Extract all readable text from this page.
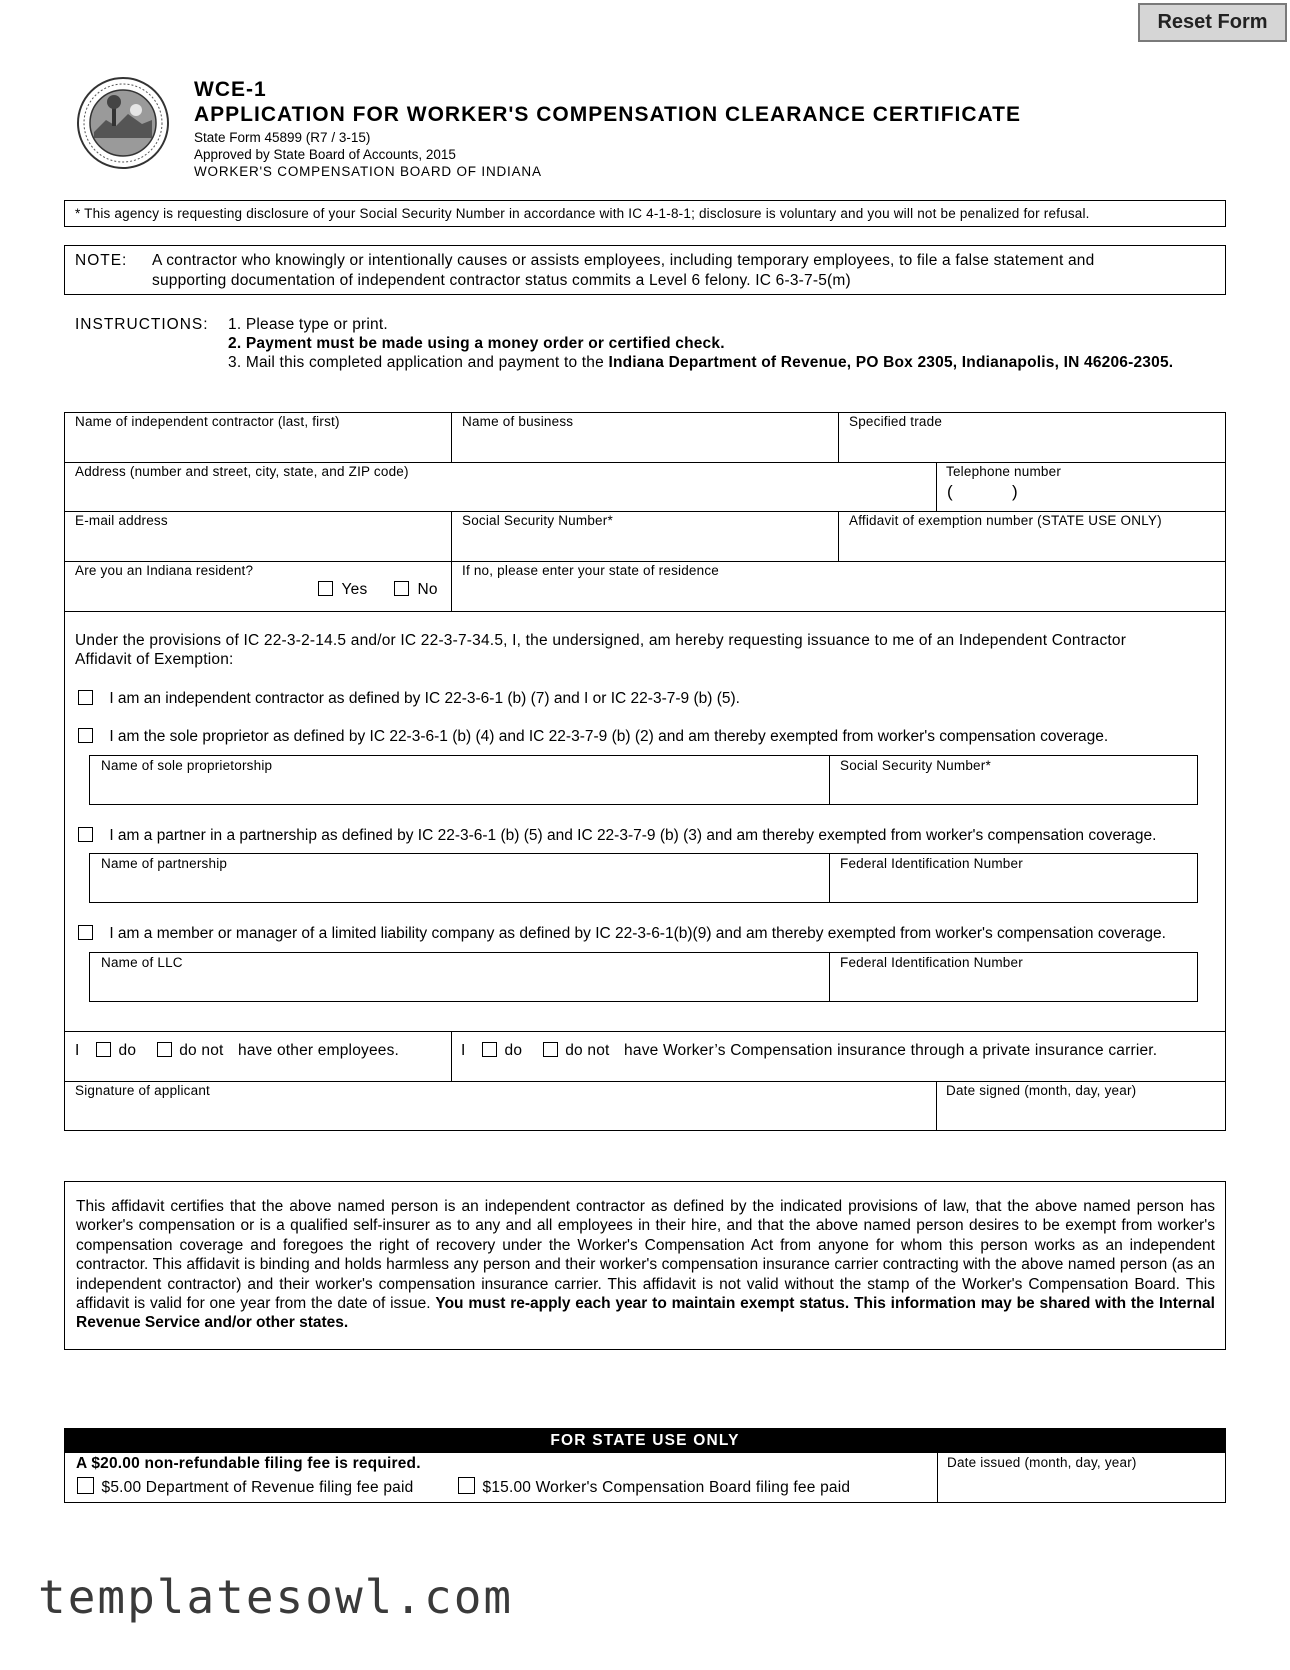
Reset Form
WCE-1
APPLICATION FOR WORKER'S COMPENSATION CLEARANCE CERTIFICATE
State Form 45899 (R7 / 3-15)
Approved by State Board of Accounts, 2015
WORKER'S COMPENSATION BOARD OF INDIANA
* This agency is requesting disclosure of your Social Security Number in accordance with IC 4-1-8-1; disclosure is voluntary and you will not be penalized for refusal.
NOTE: A contractor who knowingly or intentionally causes or assists employees, including temporary employees, to file a false statement and
supporting documentation of independent contractor status commits a Level 6 felony. IC 6-3-7-5(m)
INSTRUCTIONS: 1. Please type or print.
2. Payment must be made using a money order or certified check.
3. Mail this completed application and payment to the Indiana Department of Revenue, PO Box 2305, Indianapolis, IN 46206-2305.
Name of independent contractor (last, first)	Name of business	Specified trade
Address (number and street, city, state, and ZIP code)	Telephone number
(	)
E-mail address	Social Security Number*	Affidavit of exemption number (STATE USE ONLY)
Are you an Indiana resident?
Yes	No
If no, please enter your state of residence
Under the provisions of IC 22-3-2-14.5 and/or IC 22-3-7-34.5, I, the undersigned, am hereby requesting issuance to me of an Independent Contractor
Affidavit of Exemption:
I am an independent contractor as defined by IC 22-3-6-1 (b) (7) and I or IC 22-3-7-9 (b) (5).
I am the sole proprietor as defined by IC 22-3-6-1 (b) (4) and IC 22-3-7-9 (b) (2) and am thereby exempted from worker's compensation coverage.
Name of sole proprietorship	Social Security Number*
I am a partner in a partnership as defined by IC 22-3-6-1 (b) (5) and IC 22-3-7-9 (b) (3) and am thereby exempted from worker's compensation coverage.
Name of partnership	Federal Identification Number
I am a member or manager of a limited liability company as defined by IC 22-3-6-1(b)(9) and am thereby exempted from worker's compensation coverage.
Name of LLC	Federal Identification Number
I	do	do not have other employees.	I	do	do not have Worker’s Compensation insurance through a private insurance carrier.
Signature of applicant	Date signed (month, day, year)
This affidavit certifies that the above named person is an independent contractor as defined by the indicated provisions of law, that the above named person has worker's compensation or is a qualified self-insurer as to any and all employees in their hire, and that the above named person desires to be exempt from worker's compensation coverage and foregoes the right of recovery under the Worker's Compensation Act from anyone for whom this person works as an independent contractor. This affidavit is binding and holds harmless any person and their worker's compensation insurance carrier contracting with the above named person (as an independent contractor) and their worker's compensation insurance carrier. This affidavit is not valid without the stamp of the Worker's Compensation Board. This affidavit is valid for one year from the date of issue. You must re-apply each year to maintain exempt status. This information may be shared with the Internal Revenue Service and/or other states.
FOR STATE USE ONLY
A $20.00 non-refundable filing fee is required.
$5.00 Department of Revenue filing fee paid	$15.00 Worker's Compensation Board filing fee paid
Date issued (month, day, year)
templatesowl.com
